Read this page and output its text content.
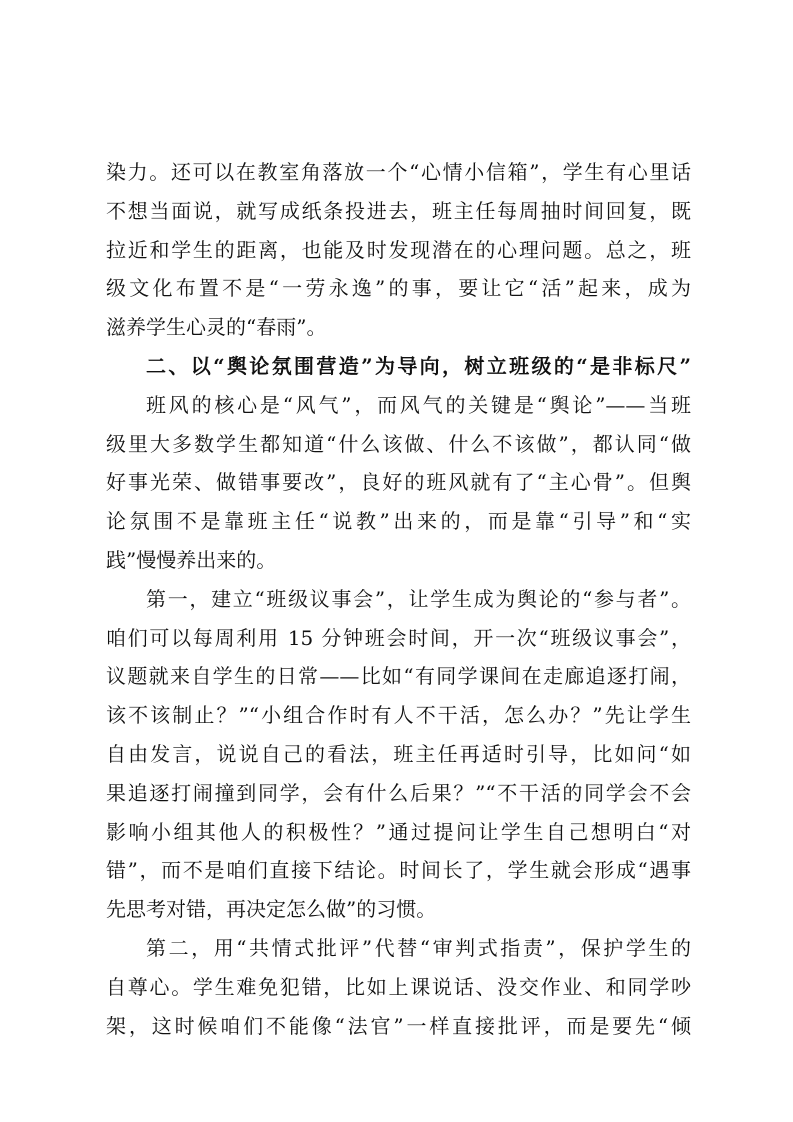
染力。还可以在教室角落放一个“心情小信箱”，学生有心里话
不想当面说，就写成纸条投进去，班主任每周抽时间回复，既
拉近和学生的距离，也能及时发现潜在的心理问题。总之，班
级文化布置不是“一劳永逸”的事，要让它“活”起来，成为
滋养学生心灵的“春雨”。
二、以“舆论氛围营造”为导向，树立班级的“是非标尺”
班风的核心是“风气”，而风气的关键是“舆论”——当班
级里大多数学生都知道“什么该做、什么不该做”，都认同“做
好事光荣、做错事要改”，良好的班风就有了“主心骨”。但舆
论氛围不是靠班主任“说教”出来的，而是靠“引导”和“实
践”慢慢养出来的。
第一，建立“班级议事会”，让学生成为舆论的“参与者”。
咱们可以每周利用 15 分钟班会时间，开一次“班级议事会”，
议题就来自学生的日常——比如“有同学课间在走廊追逐打闹，
该不该制止？”“小组合作时有人不干活，怎么办？”先让学生
自由发言，说说自己的看法，班主任再适时引导，比如问“如
果追逐打闹撞到同学，会有什么后果？”“不干活的同学会不会
影响小组其他人的积极性？”通过提问让学生自己想明白“对
错”，而不是咱们直接下结论。时间长了，学生就会形成“遇事
先思考对错，再决定怎么做”的习惯。
第二，用“共情式批评”代替“审判式指责”，保护学生的
自尊心。学生难免犯错，比如上课说话、没交作业、和同学吵
架，这时候咱们不能像“法官”一样直接批评，而是要先“倾
